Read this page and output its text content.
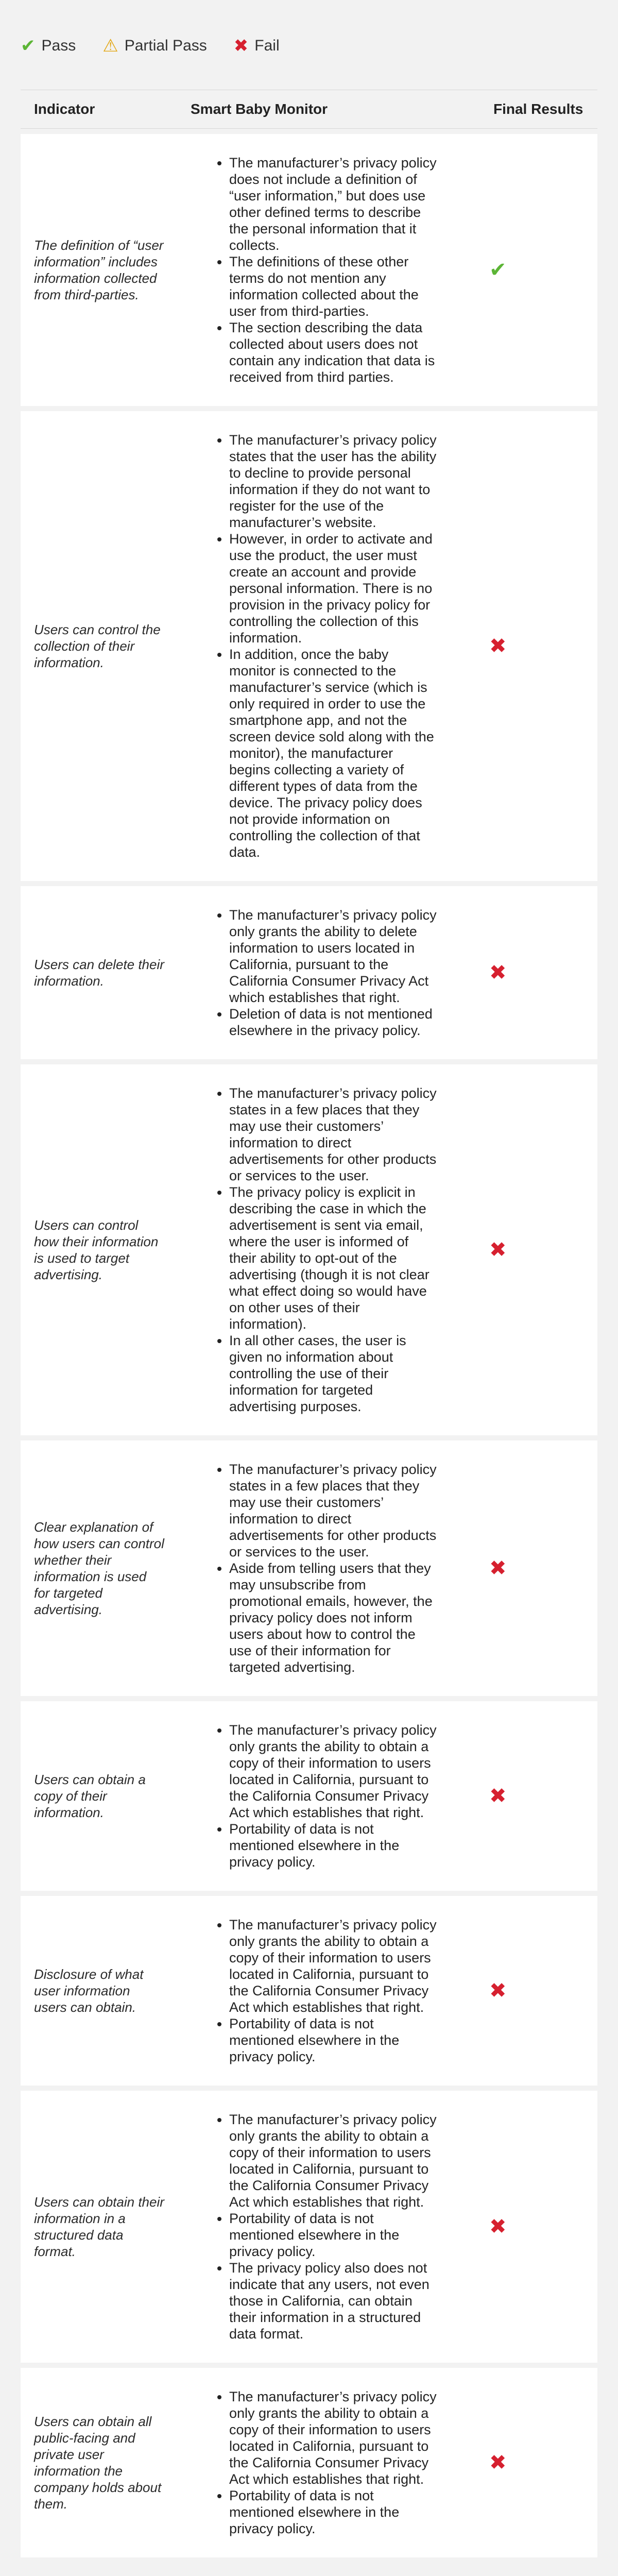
✔ Pass ⚠ Partial Pass ✖ Fail
Indicator	Smart Baby Monitor	Final Results
The definition of “user information” includes information collected from third-parties.
• The manufacturer’s privacy policy does not include a definition of “user information,” but does use other defined terms to describe the personal information that it collects.
• The definitions of these other terms do not mention any information collected about the user from third-parties.
• The section describing the data collected about users does not contain any indication that data is received from third parties.
✔
Users can control the collection of their information.
• The manufacturer’s privacy policy states that the user has the ability to decline to provide personal information if they do not want to register for the use of the manufacturer’s website.
• However, in order to activate and use the product, the user must create an account and provide personal information. There is no provision in the privacy policy for controlling the collection of this information.
• In addition, once the baby monitor is connected to the manufacturer’s service (which is only required in order to use the smartphone app, and not the screen device sold along with the monitor), the manufacturer begins collecting a variety of different types of data from the device. The privacy policy does not provide information on controlling the collection of that data.
✖
Users can delete their information.
• The manufacturer’s privacy policy only grants the ability to delete information to users located in California, pursuant to the California Consumer Privacy Act which establishes that right.
• Deletion of data is not mentioned elsewhere in the privacy policy.
✖
Users can control how their information is used to target advertising.
• The manufacturer’s privacy policy states in a few places that they may use their customers’ information to direct advertisements for other products or services to the user.
• The privacy policy is explicit in describing the case in which the advertisement is sent via email, where the user is informed of their ability to opt-out of the advertising (though it is not clear what effect doing so would have on other uses of their information).
• In all other cases, the user is given no information about controlling the use of their information for targeted advertising purposes.
✖
Clear explanation of how users can control whether their information is used for targeted advertising.
• The manufacturer’s privacy policy states in a few places that they may use their customers’ information to direct advertisements for other products or services to the user.
• Aside from telling users that they may unsubscribe from promotional emails, however, the privacy policy does not inform users about how to control the use of their information for targeted advertising.
✖
Users can obtain a copy of their information.
• The manufacturer’s privacy policy only grants the ability to obtain a copy of their information to users located in California, pursuant to the California Consumer Privacy Act which establishes that right.
• Portability of data is not mentioned elsewhere in the privacy policy.
✖
Disclosure of what user information users can obtain.
• The manufacturer’s privacy policy only grants the ability to obtain a copy of their information to users located in California, pursuant to the California Consumer Privacy Act which establishes that right.
• Portability of data is not mentioned elsewhere in the privacy policy.
✖
Users can obtain their information in a structured data format.
• The manufacturer’s privacy policy only grants the ability to obtain a copy of their information to users located in California, pursuant to the California Consumer Privacy Act which establishes that right.
• Portability of data is not mentioned elsewhere in the privacy policy.
• The privacy policy also does not indicate that any users, not even those in California, can obtain their information in a structured data format.
✖
Users can obtain all public-facing and private user information the company holds about them.
• The manufacturer’s privacy policy only grants the ability to obtain a copy of their information to users located in California, pursuant to the California Consumer Privacy Act which establishes that right.
• Portability of data is not mentioned elsewhere in the privacy policy.
✖
